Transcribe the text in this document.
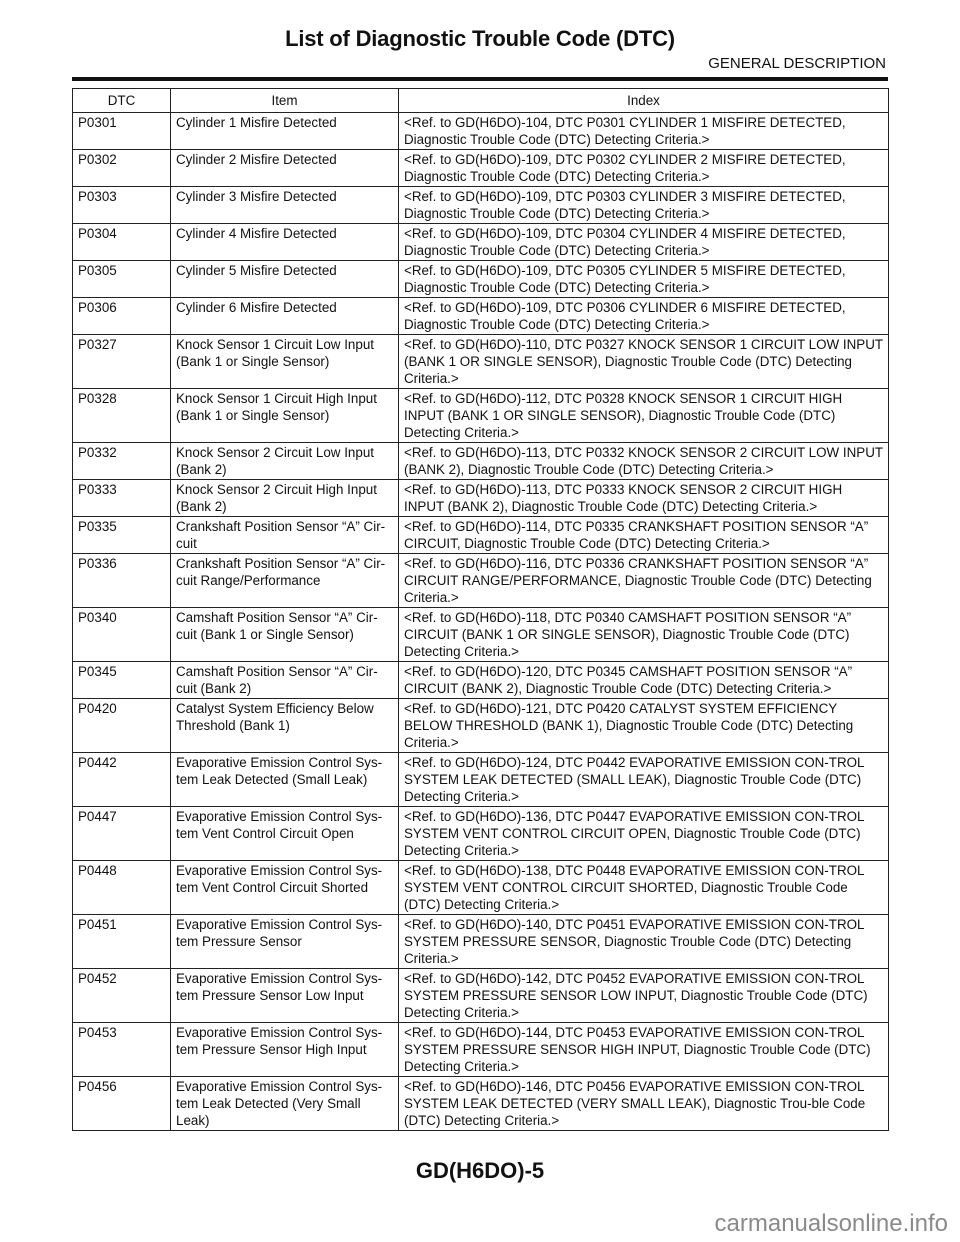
List of Diagnostic Trouble Code (DTC)
GENERAL DESCRIPTION
DTC	Item	Index
P0301	Cylinder 1 Misfire Detected	<Ref. to GD(H6DO)-104, DTC P0301 CYLINDER 1 MISFIRE DETECTED, Diagnostic Trouble Code (DTC) Detecting Criteria.>
P0302	Cylinder 2 Misfire Detected	<Ref. to GD(H6DO)-109, DTC P0302 CYLINDER 2 MISFIRE DETECTED, Diagnostic Trouble Code (DTC) Detecting Criteria.>
P0303	Cylinder 3 Misfire Detected	<Ref. to GD(H6DO)-109, DTC P0303 CYLINDER 3 MISFIRE DETECTED, Diagnostic Trouble Code (DTC) Detecting Criteria.>
P0304	Cylinder 4 Misfire Detected	<Ref. to GD(H6DO)-109, DTC P0304 CYLINDER 4 MISFIRE DETECTED, Diagnostic Trouble Code (DTC) Detecting Criteria.>
P0305	Cylinder 5 Misfire Detected	<Ref. to GD(H6DO)-109, DTC P0305 CYLINDER 5 MISFIRE DETECTED, Diagnostic Trouble Code (DTC) Detecting Criteria.>
P0306	Cylinder 6 Misfire Detected	<Ref. to GD(H6DO)-109, DTC P0306 CYLINDER 6 MISFIRE DETECTED, Diagnostic Trouble Code (DTC) Detecting Criteria.>
P0327	Knock Sensor 1 Circuit Low Input (Bank 1 or Single Sensor)	<Ref. to GD(H6DO)-110, DTC P0327 KNOCK SENSOR 1 CIRCUIT LOW INPUT (BANK 1 OR SINGLE SENSOR), Diagnostic Trouble Code (DTC) Detecting Criteria.>
P0328	Knock Sensor 1 Circuit High Input (Bank 1 or Single Sensor)	<Ref. to GD(H6DO)-112, DTC P0328 KNOCK SENSOR 1 CIRCUIT HIGH INPUT (BANK 1 OR SINGLE SENSOR), Diagnostic Trouble Code (DTC) Detecting Criteria.>
P0332	Knock Sensor 2 Circuit Low Input (Bank 2)	<Ref. to GD(H6DO)-113, DTC P0332 KNOCK SENSOR 2 CIRCUIT LOW INPUT (BANK 2), Diagnostic Trouble Code (DTC) Detecting Criteria.>
P0333	Knock Sensor 2 Circuit High Input (Bank 2)	<Ref. to GD(H6DO)-113, DTC P0333 KNOCK SENSOR 2 CIRCUIT HIGH INPUT (BANK 2), Diagnostic Trouble Code (DTC) Detecting Criteria.>
P0335	Crankshaft Position Sensor “A” Cir-cuit	<Ref. to GD(H6DO)-114, DTC P0335 CRANKSHAFT POSITION SENSOR “A” CIRCUIT, Diagnostic Trouble Code (DTC) Detecting Criteria.>
P0336	Crankshaft Position Sensor “A” Cir-cuit Range/Performance	<Ref. to GD(H6DO)-116, DTC P0336 CRANKSHAFT POSITION SENSOR “A” CIRCUIT RANGE/PERFORMANCE, Diagnostic Trouble Code (DTC) Detecting Criteria.>
P0340	Camshaft Position Sensor “A” Cir-cuit (Bank 1 or Single Sensor)	<Ref. to GD(H6DO)-118, DTC P0340 CAMSHAFT POSITION SENSOR “A” CIRCUIT (BANK 1 OR SINGLE SENSOR), Diagnostic Trouble Code (DTC) Detecting Criteria.>
P0345	Camshaft Position Sensor “A” Cir-cuit (Bank 2)	<Ref. to GD(H6DO)-120, DTC P0345 CAMSHAFT POSITION SENSOR “A” CIRCUIT (BANK 2), Diagnostic Trouble Code (DTC) Detecting Criteria.>
P0420	Catalyst System Efficiency Below Threshold (Bank 1)	<Ref. to GD(H6DO)-121, DTC P0420 CATALYST SYSTEM EFFICIENCY BELOW THRESHOLD (BANK 1), Diagnostic Trouble Code (DTC) Detecting Criteria.>
P0442	Evaporative Emission Control Sys-tem Leak Detected (Small Leak)	<Ref. to GD(H6DO)-124, DTC P0442 EVAPORATIVE EMISSION CON-TROL SYSTEM LEAK DETECTED (SMALL LEAK), Diagnostic Trouble Code (DTC) Detecting Criteria.>
P0447	Evaporative Emission Control Sys-tem Vent Control Circuit Open	<Ref. to GD(H6DO)-136, DTC P0447 EVAPORATIVE EMISSION CON-TROL SYSTEM VENT CONTROL CIRCUIT OPEN, Diagnostic Trouble Code (DTC) Detecting Criteria.>
P0448	Evaporative Emission Control Sys-tem Vent Control Circuit Shorted	<Ref. to GD(H6DO)-138, DTC P0448 EVAPORATIVE EMISSION CON-TROL SYSTEM VENT CONTROL CIRCUIT SHORTED, Diagnostic Trouble Code (DTC) Detecting Criteria.>
P0451	Evaporative Emission Control Sys-tem Pressure Sensor	<Ref. to GD(H6DO)-140, DTC P0451 EVAPORATIVE EMISSION CON-TROL SYSTEM PRESSURE SENSOR, Diagnostic Trouble Code (DTC) Detecting Criteria.>
P0452	Evaporative Emission Control Sys-tem Pressure Sensor Low Input	<Ref. to GD(H6DO)-142, DTC P0452 EVAPORATIVE EMISSION CON-TROL SYSTEM PRESSURE SENSOR LOW INPUT, Diagnostic Trouble Code (DTC) Detecting Criteria.>
P0453	Evaporative Emission Control Sys-tem Pressure Sensor High Input	<Ref. to GD(H6DO)-144, DTC P0453 EVAPORATIVE EMISSION CON-TROL SYSTEM PRESSURE SENSOR HIGH INPUT, Diagnostic Trouble Code (DTC) Detecting Criteria.>
P0456	Evaporative Emission Control Sys-tem Leak Detected (Very Small Leak)	<Ref. to GD(H6DO)-146, DTC P0456 EVAPORATIVE EMISSION CON-TROL SYSTEM LEAK DETECTED (VERY SMALL LEAK), Diagnostic Trou-ble Code (DTC) Detecting Criteria.>
GD(H6DO)-5
carmanualsonline.info
